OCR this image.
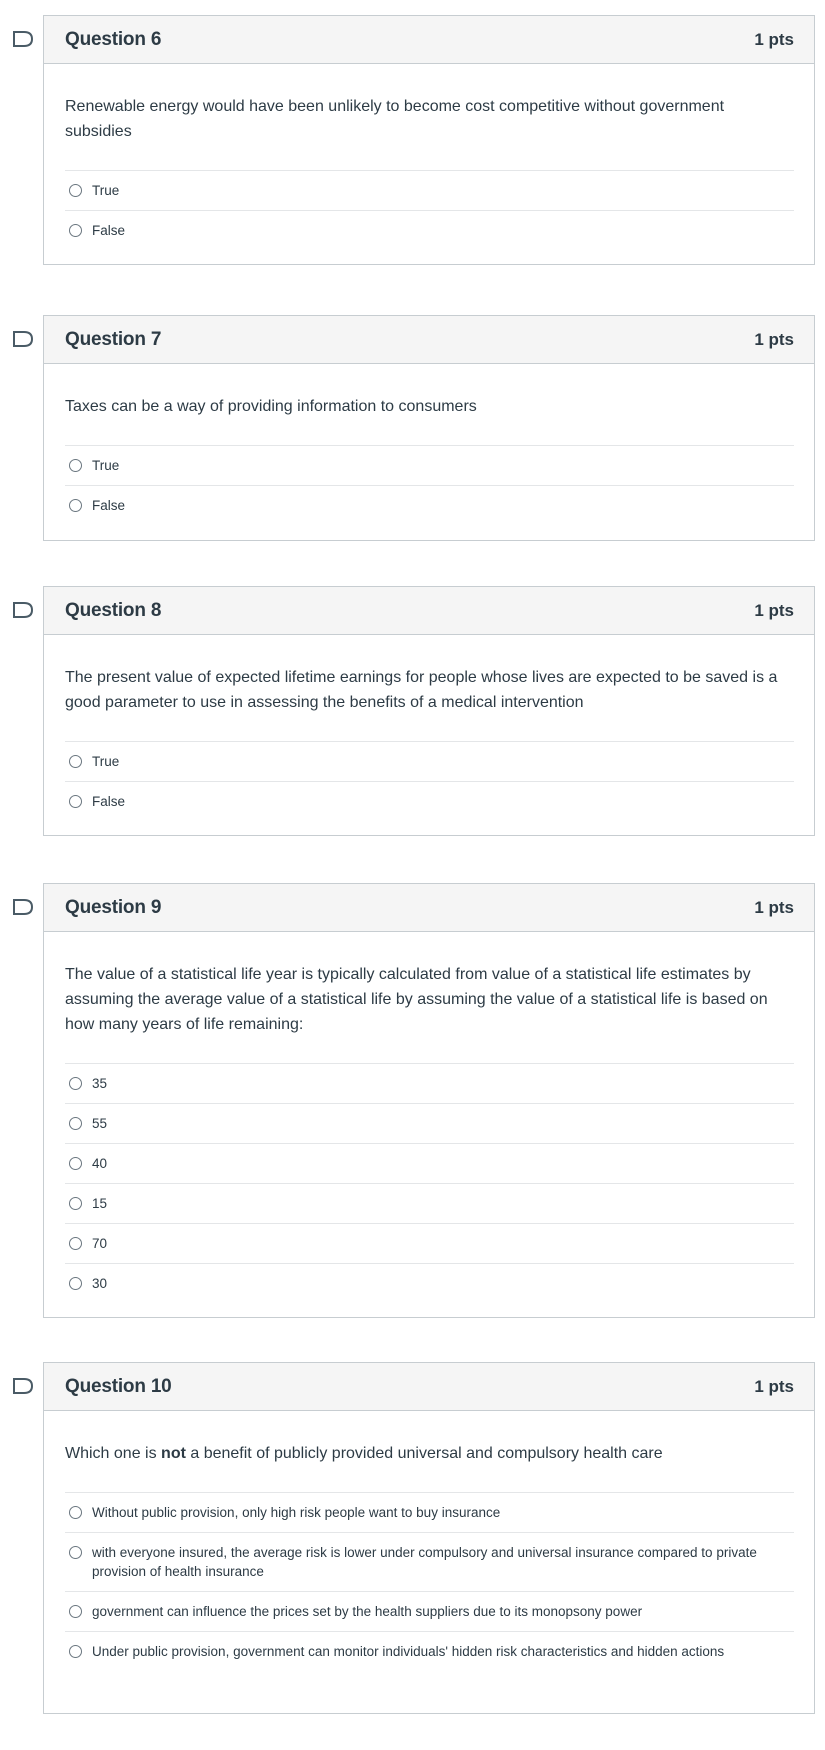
Question 6	1 pts
Renewable energy would have been unlikely to become cost competitive without government subsidies
True
False
Question 7	1 pts
Taxes can be a way of providing information to consumers
True
False
Question 8	1 pts
The present value of expected lifetime earnings for people whose lives are expected to be saved is a good parameter to use in assessing the benefits of a medical intervention
True
False
Question 9	1 pts
The value of a statistical life year is typically calculated from value of a statistical life estimates by assuming the average value of a statistical life by assuming the value of a statistical life is based on how many years of life remaining:
35
55
40
15
70
30
Question 10	1 pts
Which one is not a benefit of publicly provided universal and compulsory health care
Without public provision, only high risk people want to buy insurance
with everyone insured, the average risk is lower under compulsory and universal insurance compared to private provision of health insurance
government can influence the prices set by the health suppliers due to its monopsony power
Under public provision, government can monitor individuals' hidden risk characteristics and hidden actions
